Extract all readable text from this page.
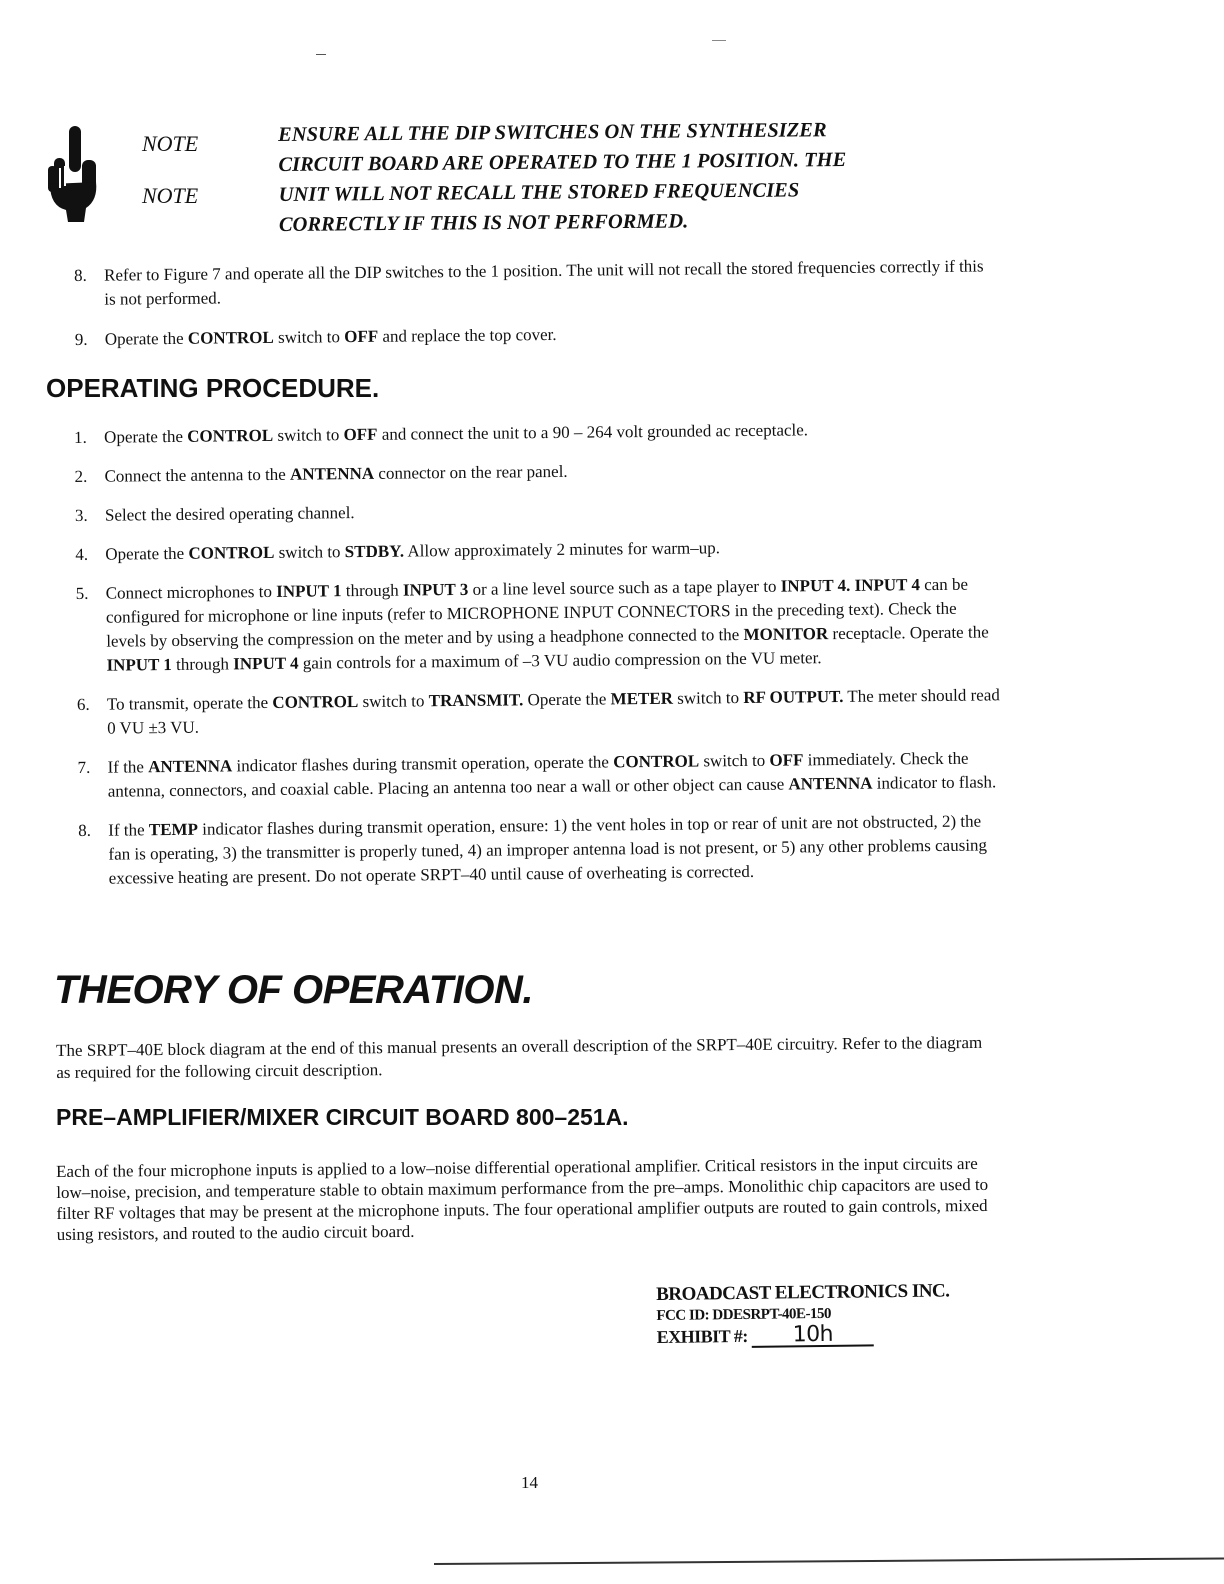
NOTE
NOTE
ENSURE ALL THE DIP SWITCHES ON THE SYNTHESIZER
CIRCUIT BOARD ARE OPERATED TO THE 1 POSITION. THE
UNIT WILL NOT RECALL THE STORED FREQUENCIES
CORRECTLY IF THIS IS NOT PERFORMED.
8.	Refer to Figure 7 and operate all the DIP switches to the 1 position. The unit will not recall the stored frequencies correctly if this is not performed.
9.	Operate the CONTROL switch to OFF and replace the top cover.
OPERATING PROCEDURE.
1.	Operate the CONTROL switch to OFF and connect the unit to a 90 – 264 volt grounded ac receptacle.
2.	Connect the antenna to the ANTENNA connector on the rear panel.
3.	Select the desired operating channel.
4.	Operate the CONTROL switch to STDBY. Allow approximately 2 minutes for warm–up.
5.	Connect microphones to INPUT 1 through INPUT 3 or a line level source such as a tape player to INPUT 4. INPUT 4 can be configured for microphone or line inputs (refer to MICROPHONE INPUT CONNECTORS in the preceding text). Check the levels by observing the compression on the meter and by using a headphone connected to the MONITOR receptacle. Operate the INPUT 1 through INPUT 4 gain controls for a maximum of –3 VU audio compression on the VU meter.
6.	To transmit, operate the CONTROL switch to TRANSMIT. Operate the METER switch to RF OUTPUT. The meter should read 0 VU ±3 VU.
7.	If the ANTENNA indicator flashes during transmit operation, operate the CONTROL switch to OFF immediately. Check the antenna, connectors, and coaxial cable. Placing an antenna too near a wall or other object can cause ANTENNA indicator to flash.
8.	If the TEMP indicator flashes during transmit operation, ensure: 1) the vent holes in top or rear of unit are not obstructed, 2) the fan is operating, 3) the transmitter is properly tuned, 4) an improper antenna load is not present, or 5) any other problems causing excessive heating are present. Do not operate SRPT–40 until cause of overheating is corrected.
THEORY OF OPERATION.
The SRPT–40E block diagram at the end of this manual presents an overall description of the SRPT–40E circuitry. Refer to the diagram as required for the following circuit description.
PRE–AMPLIFIER/MIXER CIRCUIT BOARD 800–251A.
Each of the four microphone inputs is applied to a low–noise differential operational amplifier. Critical resistors in the input circuits are low–noise, precision, and temperature stable to obtain maximum performance from the pre–amps. Monolithic chip capacitors are used to filter RF voltages that may be present at the microphone inputs. The four operational amplifier outputs are routed to gain controls, mixed using resistors, and routed to the audio circuit board.
BROADCAST ELECTRONICS INC.
FCC ID: DDESRPT-40E-150
EXHIBIT #: 10h
14
